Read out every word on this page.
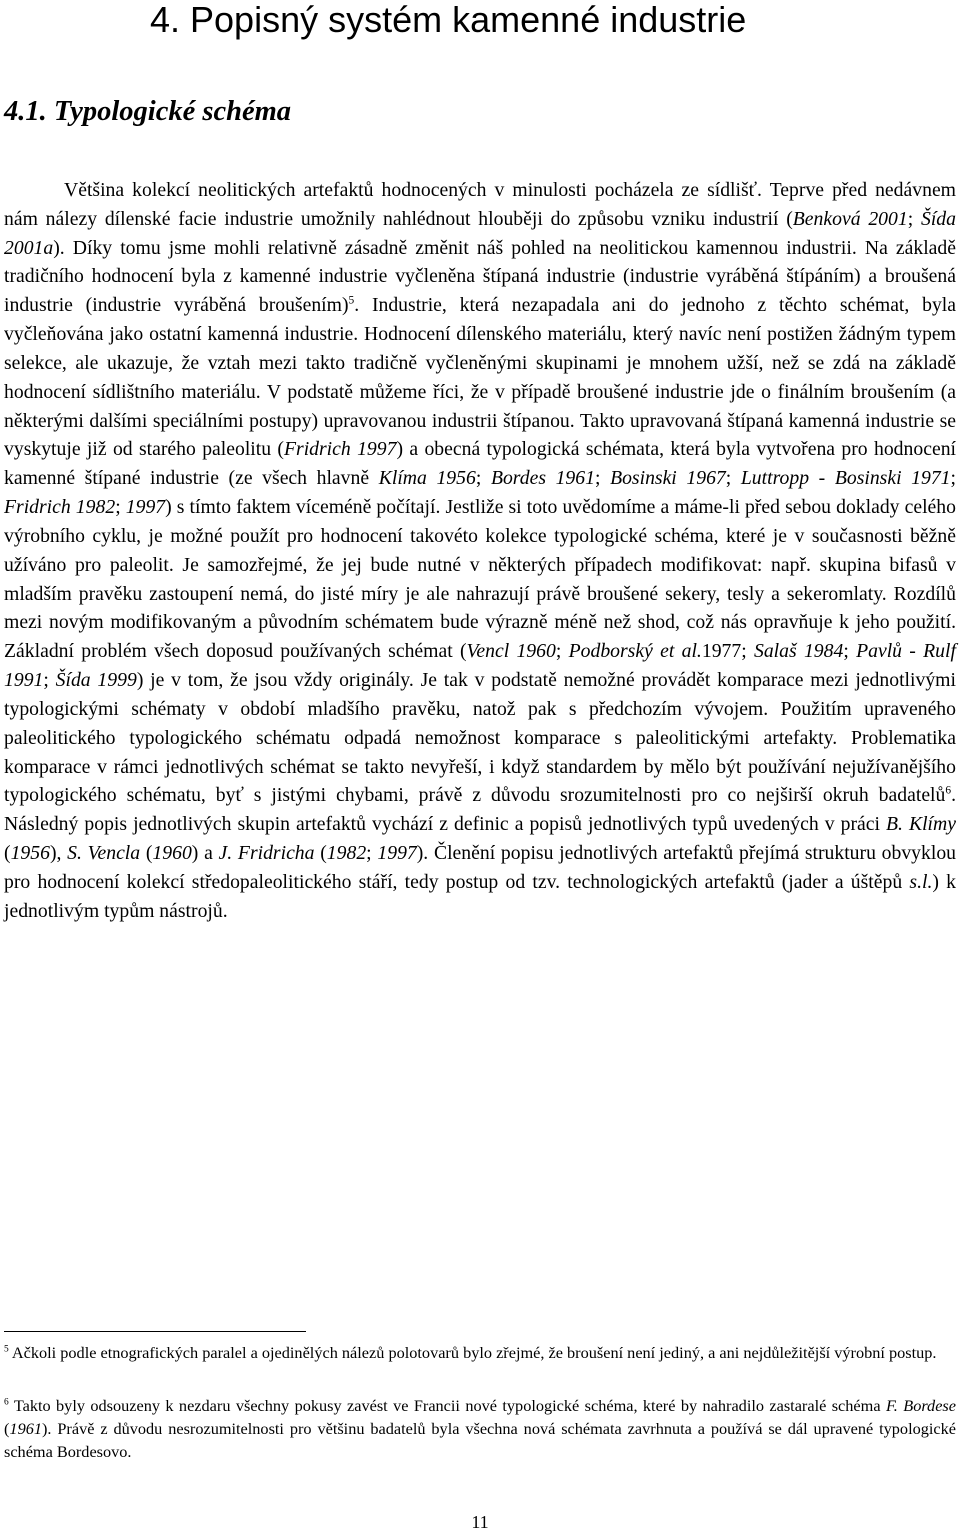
4. Popisný systém kamenné industrie
4.1. Typologické schéma

Většina kolekcí neolitických artefaktů hodnocených v minulosti pocházela ze sídlišť. Teprve před nedávnem nám nálezy dílenské facie industrie umožnily nahlédnout hlouběji do způsobu vzniku industrií (Benková 2001; Šída 2001a). Díky tomu jsme mohli relativně zásadně změnit náš pohled na neolitickou kamennou industrii. Na základě tradičního hodnocení byla z kamenné industrie vyčleněna štípaná industrie (industrie vyráběná štípáním) a broušená industrie (industrie vyráběná broušením)$^5$. Industrie, která nezapadala ani do jednoho z těchto schémat, byla vyčleňována jako ostatní kamenná industrie. Hodnocení dílenského materiálu, který navíc není postižen žádným typem selekce, ale ukazuje, že vztah mezi takto tradičně vyčleněnými skupinami je mnohem užší, než se zdá na základě hodnocení sídlištního materiálu. V podstatě můžeme říci, že v případě broušené industrie jde o finálním broušením (a některými dalšími speciálními postupy) upravovanou industrii štípanou. Takto upravovaná štípaná kamenná industrie se vyskytuje již od starého paleolitu (Fridrich 1997) a obecná typologická schémata, která byla vytvořena pro hodnocení kamenné štípané industrie (ze všech hlavně Klíma 1956; Bordes 1961; Bosinski 1967; Luttropp - Bosinski 1971; Fridrich 1982; 1997) s tímto faktem víceméně počítají. Jestliže si toto uvědomíme a máme-li před sebou doklady celého výrobního cyklu, je možné použít pro hodnocení takovéto kolekce typologické schéma, které je v současnosti běžně užíváno pro paleolit. Je samozřejmé, že jej bude nutné v některých případech modifikovat: např. skupina bifasů v mladším pravěku zastoupení nemá, do jisté míry je ale nahrazují právě broušené sekery, tesly a sekeromlaty. Rozdílů mezi novým modifikovaným a původním schématem bude výrazně méně než shod, což nás opravňuje k jeho použití. Základní problém všech doposud používaných schémat (Vencl 1960; Podborský et al.1977; Salaš 1984; Pavlů - Rulf 1991; Šída 1999) je v tom, že jsou vždy originály. Je tak v podstatě nemožné provádět komparace mezi jednotlivými typologickými schématy v období mladšího pravěku, natož pak s předchozím vývojem. Použitím upraveného paleolitického typologického schématu odpadá nemožnost komparace s paleolitickými artefakty. Problematika komparace v rámci jednotlivých schémat se takto nevyřeší, i když standardem by mělo být používání nejužívanějšího typologického schématu, byť s jistými chybami, právě z důvodu srozumitelnosti pro co nejširší okruh badatelů$^6$. Následný popis jednotlivých skupin artefaktů vychází z definic a popisů jednotlivých typů uvedených v práci B. Klímy (1956), S. Vencla (1960) a J. Fridricha (1982; 1997). Členění popisu jednotlivých artefaktů přejímá strukturu obvyklou pro hodnocení kolekcí středopaleolitického stáří, tedy postup od tzv. technologických artefaktů (jader a úštěpů s.l.) k jednotlivým typům nástrojů.

$^5$ Ačkoli podle etnografických paralel a ojedinělých nálezů polotovarů bylo zřejmé, že broušení není jediný, a ani nejdůležitější výrobní postup.

$^6$ Takto byly odsouzeny k nezdaru všechny pokusy zavést ve Francii nové typologické schéma, které by nahradilo zastaralé schéma F. Bordese (1961). Právě z důvodu nesrozumitelnosti pro většinu badatelů byla všechna nová schémata zavrhnuta a používá se dál upravené typologické schéma Bordesovo.

11
